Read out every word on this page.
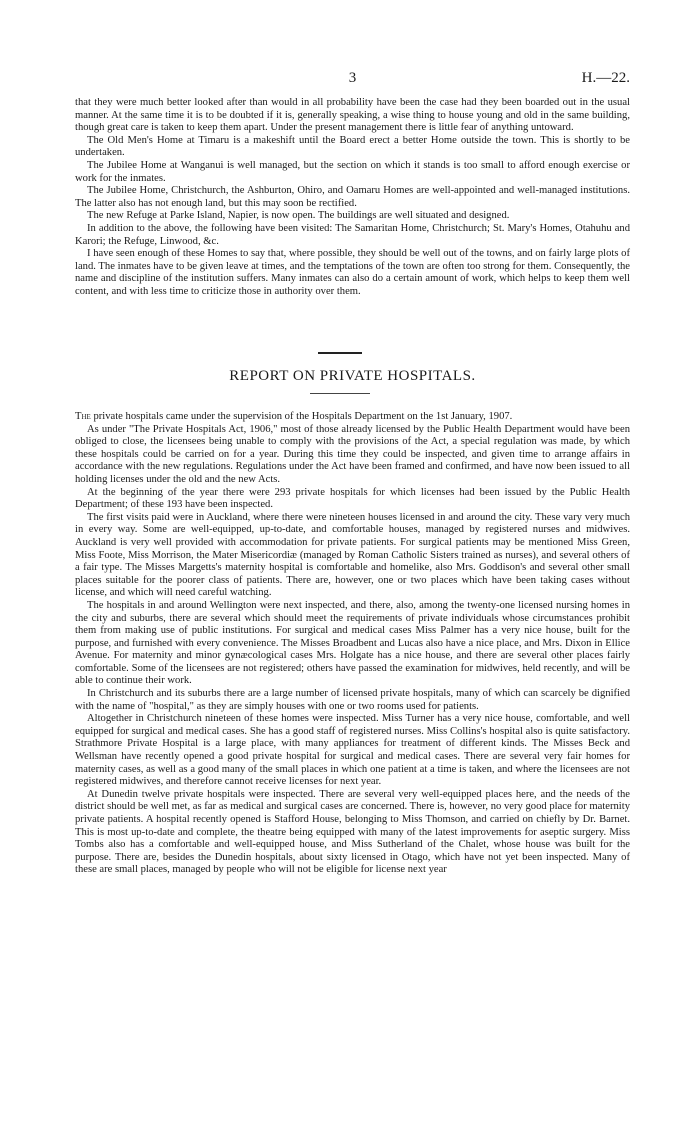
3	H.—22.

that they were much better looked after than would in all probability have been the case had they been boarded out in the usual manner. At the same time it is to be doubted if it is, generally speaking, a wise thing to house young and old in the same building, though great care is taken to keep them apart. Under the present management there is little fear of anything untoward.

The Old Men's Home at Timaru is a makeshift until the Board erect a better Home outside the town. This is shortly to be undertaken.

The Jubilee Home at Wanganui is well managed, but the section on which it stands is too small to afford enough exercise or work for the inmates.

The Jubilee Home, Christchurch, the Ashburton, Ohiro, and Oamaru Homes are well-appointed and well-managed institutions. The latter also has not enough land, but this may soon be rectified.

The new Refuge at Parke Island, Napier, is now open. The buildings are well situated and designed.

In addition to the above, the following have been visited: The Samaritan Home, Christchurch; St. Mary's Homes, Otahuhu and Karori; the Refuge, Linwood, &c.

I have seen enough of these Homes to say that, where possible, they should be well out of the towns, and on fairly large plots of land. The inmates have to be given leave at times, and the temptations of the town are often too strong for them. Consequently, the name and discipline of the institution suffers. Many inmates can also do a certain amount of work, which helps to keep them well content, and with less time to criticize those in authority over them.

REPORT ON PRIVATE HOSPITALS.

The private hospitals came under the supervision of the Hospitals Department on the 1st January, 1907.

As under "The Private Hospitals Act, 1906," most of those already licensed by the Public Health Department would have been obliged to close, the licensees being unable to comply with the provisions of the Act, a special regulation was made, by which these hospitals could be carried on for a year. During this time they could be inspected, and given time to arrange affairs in accordance with the new regulations. Regulations under the Act have been framed and confirmed, and have now been issued to all holding licenses under the old and the new Acts.

At the beginning of the year there were 293 private hospitals for which licenses had been issued by the Public Health Department; of these 193 have been inspected.

The first visits paid were in Auckland, where there were nineteen houses licensed in and around the city. These vary very much in every way. Some are well-equipped, up-to-date, and comfortable houses, managed by registered nurses and midwives. Auckland is very well provided with accommodation for private patients. For surgical patients may be mentioned Miss Green, Miss Foote, Miss Morrison, the Mater Misericordiæ (managed by Roman Catholic Sisters trained as nurses), and several others of a fair type. The Misses Margetts's maternity hospital is comfortable and homelike, also Mrs. Goddison's and several other small places suitable for the poorer class of patients. There are, however, one or two places which have been taking cases without license, and which will need careful watching.

The hospitals in and around Wellington were next inspected, and there, also, among the twenty-one licensed nursing homes in the city and suburbs, there are several which should meet the requirements of private individuals whose circumstances prohibit them from making use of public institutions. For surgical and medical cases Miss Palmer has a very nice house, built for the purpose, and furnished with every convenience. The Misses Broadbent and Lucas also have a nice place, and Mrs. Dixon in Ellice Avenue. For maternity and minor gynæcological cases Mrs. Holgate has a nice house, and there are several other places fairly comfortable. Some of the licensees are not registered; others have passed the examination for midwives, held recently, and will be able to continue their work.

In Christchurch and its suburbs there are a large number of licensed private hospitals, many of which can scarcely be dignified with the name of "hospital," as they are simply houses with one or two rooms used for patients.

Altogether in Christchurch nineteen of these homes were inspected. Miss Turner has a very nice house, comfortable, and well equipped for surgical and medical cases. She has a good staff of registered nurses. Miss Collins's hospital also is quite satisfactory. Strathmore Private Hospital is a large place, with many appliances for treatment of different kinds. The Misses Beck and Wellsman have recently opened a good private hospital for surgical and medical cases. There are several very fair homes for maternity cases, as well as a good many of the small places in which one patient at a time is taken, and where the licensees are not registered midwives, and therefore cannot receive licenses for next year.

At Dunedin twelve private hospitals were inspected. There are several very well-equipped places here, and the needs of the district should be well met, as far as medical and surgical cases are concerned. There is, however, no very good place for maternity private patients. A hospital recently opened is Stafford House, belonging to Miss Thomson, and carried on chiefly by Dr. Barnet. This is most up-to-date and complete, the theatre being equipped with many of the latest improvements for aseptic surgery. Miss Tombs also has a comfortable and well-equipped house, and Miss Sutherland of the Chalet, whose house was built for the purpose. There are, besides the Dunedin hospitals, about sixty licensed in Otago, which have not yet been inspected. Many of these are small places, managed by people who will not be eligible for license next year
